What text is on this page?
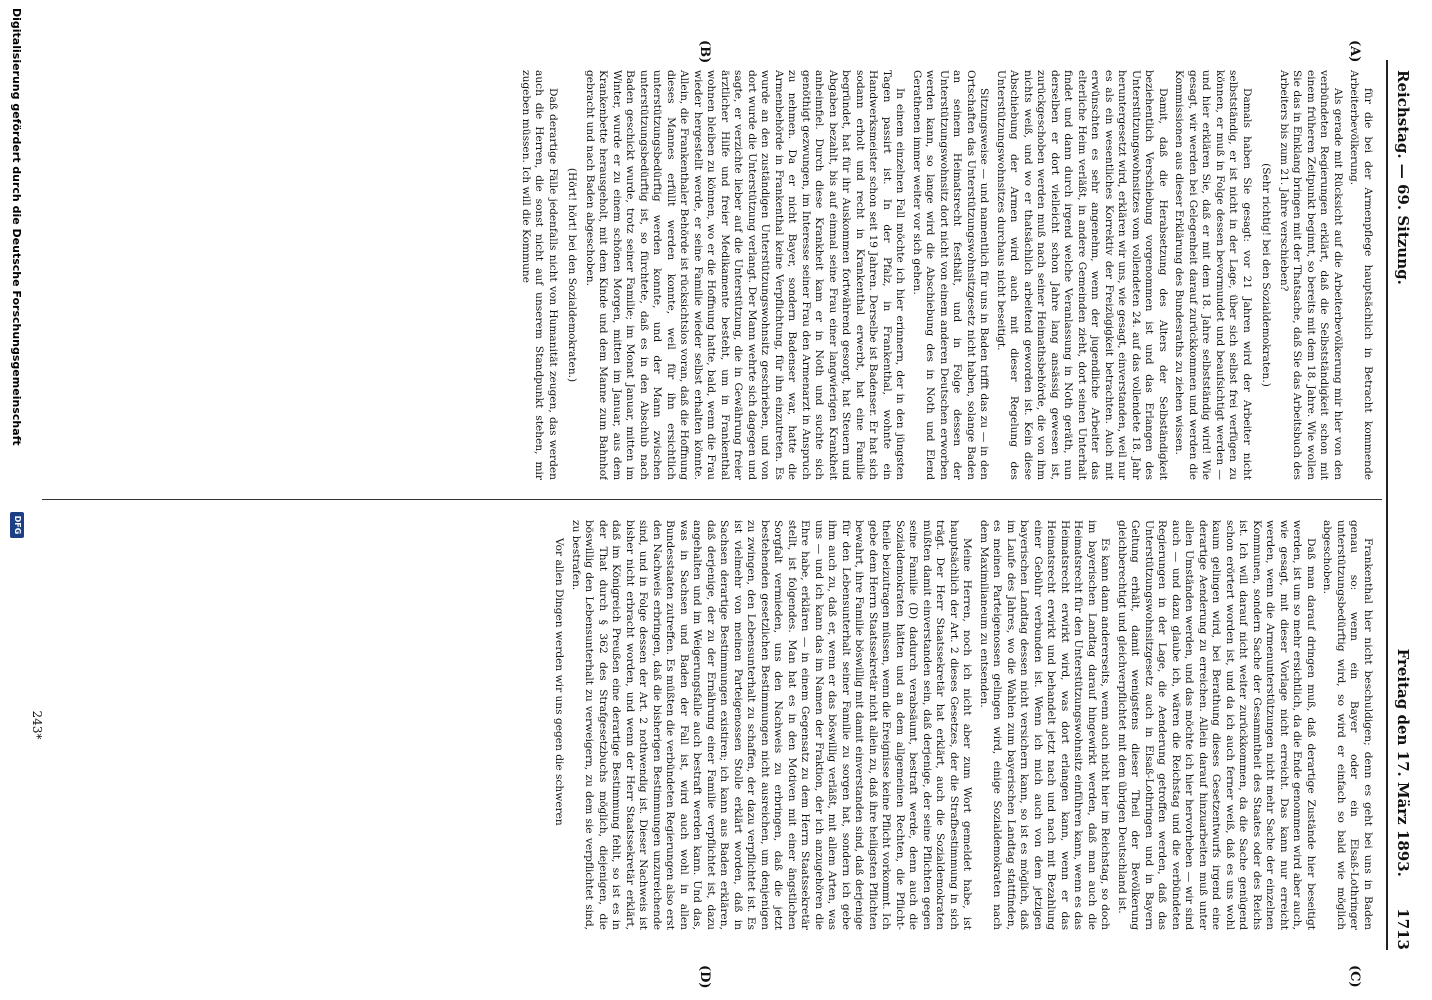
Reichstag. — 69. Sitzung.
Freitag den 17. März 1893.      1713
(A)
(B)
(C)
(D)

für die bei der Armenpflege hauptsächlich in Betracht kommende Arbeiterbevölkerung.

Als gerade mit Rücksicht auf die Arbeiterbevölkerung mir hier von den verbündeten Regierungen erklärt, daß die Selbstständigkeit schon mit einem früheren Zeitpunkt beginnt, so bereits mit dem 18. Jahre. Wie wollen Sie das in Einklang bringen mit der Thatsache, daß Sie das Arbeitsbuch des Arbeiters bis zum 21. Jahre verschieben?

(Sehr richtig! bei den Sozialdemokraten.)

Damals haben Sie gesagt: vor 21 Jahren wird der Arbeiter nicht selbstständig, er ist nicht in der Lage, über sich selbst frei verfügen zu können, er muß in Folge dessen bevormundet und beaufsichtigt werden — und hier erklären Sie, daß er mit dem 18. Jahre selbstständig wird! Wie gesagt, wir werden bei Gelegenheit darauf zurückkommen und werden die Kommissionen aus dieser Erklärung des Bundesraths zu ziehen wissen.

Damit, daß die Herabsetzung des Alters der Selbständigkeit beziehentlich Verschiebung vorgenommen ist und das Erlangen des Unterstützungswohnsitzes vom vollendeten 24. auf das vollendete 18. Jahr heruntergesetzt wird, erklären wir uns, wie gesagt, einverstanden, weil nur es als ein wesentliches Korrektiv der Freizügigkeit betrachten. Auch mit erwünschten es sehr angenehm, wenn der jugendliche Arbeiter das elterliche Heim verläßt, in andere Gemeinden zieht, dort seinen Unterhalt findet und dann durch irgend welche Veranlassung in Noth geräth, nun derselben er dort vielleicht schon Jahre lang ansässig gewesen ist, zurückgeschoben werden muß nach seiner Heimathsbehörde, die von ihm nichts weiß, und wo er thatsächlich arbeitend geworden ist. Kein diese Abschiebung der Armen wird auch mit dieser Regelung des Unterstützungswohnsitzes durchaus nicht beseitigt.

Sitzungsweise — und namentlich für uns in Baden trifft das zu — in den Ortschaften das Unterstützungswohnsitzgesetz nicht haben, solange Baden an seinem Heimatsrecht festhält, und in Folge dessen der Unterstützungswohnsitz dort nicht von einem anderen Deutschen erworben werden kann, so lange wird die Abschiebung des in Noth und Elend Gerathenen immer weiter vor sich gehen.

In einem einzelnen Fall möchte ich hier erinnern, der in den jüngsten Tagen passirt ist. In der Pfalz, in Frankenthal, wohnte ein Handwerksmeister schon seit 19 Jahren. Derselbe ist Badenser. Er hat sich sodann erholt und recht in Krankenthal erwerbt, hat eine Familie begründet, hat für ihr Auskommen fortwährend gesorgt, hat Steuern und Abgaben bezahlt, bis auf einmal seine Frau einer langwierigen Krankheit anheimfiel. Durch diese Krankheit kam er in Noth und suchte sich genöthigt gezwungen, im Interesse seiner Frau den Armenarzt in Anspruch zu nehmen. Da er nicht Bayer, sondern Badenser war, hatte die Armenbehörde in Frankenthal keine Verpflichtung, für ihn einzutreten. Es wurde an den zuständigen Unterstützungswohnsitz geschrieben, und von dort wurde die Unterstützung verlangt. Der Mann wehrte sich dagegen und sagte, er verzichte lieber auf die Unterstützung, die in Gewährung freier ärztlicher Hilfe und freier Medikamente besteht, um in Frankenthal wohnen bleiben zu können, wo er die Hoffnung hatte, bald, wenn die Frau wieder hergestellt werde, er seine Familie wieder selbst erhalten könnte. Allein, die Frankenthaler Behörde ist rücksichtslos voran, daß die Hoffnung dieses Mannes erfüllt werden konnte, weil für ihn ersichtlich unterstützungsbedürftig werden konnte, und der Mann zwischen unterstützungsbedürftig ist, so fürchtete, daß es in den Abschub nach Baden geschickt wurde, trotz seiner Familie; im Monat Januar, mitten im Winter, wurde er zu einem schönen Morgen, mitten im Januar, aus dem Krankenbette herausgeholt, mit dem Kinde und dem Manne zum Bahnhof gebracht und nach Baden abgeschoben.

(Hört! hört! bei den Sozialdemokraten.)

Daß derartige Fälle jedenfalls nicht von Humanität zeugen, das werden auch die Herren, die sonst nicht auf unserem Standpunkt stehen, mir zugeben müssen. Ich will die Kommune

Frankenthal hier nicht beschuldigen; denn es geht bei uns in Baden genau so: wenn ein Bayer oder ein Elsaß-Lothringer unterstützungsbedürftig wird, so wird er einfach so bald wie möglich abgeschoben.

Daß man darauf dringen muß, daß derartige Zustände hier beseitigt werden, ist um so mehr ersichtlich, da die Ende genommen wird aber auch, wie gesagt, mit dieser Vorlage nicht erreicht. Das kann nur erreicht werden, wenn die Armenunterstützungen nicht mehr Sache der einzelnen Kommunen, sondern Sache der Gesammtheit des Staates oder des Reichs ist. Ich will darauf nicht weiter zurückkommen, da die Sache genügend schon erörtert worden ist, und da ich auch ferner weiß, daß es uns wohl kaum gelingen wird, bei Berathung dieses Gesetzentwurfs irgend eine derartige Aenderung zu erreichen. Allein darauf hinzuarbeiten muß unter allen Umständen werden, und das möchte ich hier hervorheben — wir sind auch — und dazu glaube ich, wären die Reichstag und die verbündeten Regierungen in der Lage, die Aenderung getroffen werden, daß das Unterstützungswohnsitzgesetz auch in Elsaß-Lothringen und in Bayern Geltung erhält, damit wenigstens dieser Theil der Bevölkerung gleichberechtigt und gleichverpflichtet mit dem übrigen Deutschland ist.

Es kann dann andererseits, wenn auch nicht hier im Reichstag, so doch im bayerischen Landtag darauf hingewirkt werden, daß man auch die Heimatsrecht für den Unterstützungswohnsitz einführen kann, wenn es das Heimatsrecht erwirkt wird, was dort erlangen kann, wenn er das Heimatsrecht erwirkt und behandelt jetzt nach und nach mit Bezahlung einer Gebühr verbunden ist. Wenn ich mich auch von dem jetzigen bayerischen Landtag dessen nicht versichern kann, so ist es möglich, daß im Laufe des Jahres, wo die Wahlen zum bayerischen Landtag stattfinden, es meinen Parteigenossen gelingen wird, einige Sozialdemokraten nach dem Maximilianeum zu entsenden.

Meine Herren, noch ich nicht aber zum Wort gemeldet habe, ist hauptsächlich der Art. 2 dieses Gesetzes, der die Strafbestimmung in sich trägt. Der Herr Staatssekretär hat erklärt, auch die Sozialdemokraten müßten damit einverstanden sein, daß derjenige, der seine Pflichten gegen seine Familie (D) dadurch verabsäumt, bestraft werde, denn auch die Sozialdemokraten hätten und an dem allgemeinen Rechten, die Pflichttheile beizutragen müssen, wenn die Ereignisse keine Pflicht vorkommt. Ich gebe dem Herrn Staatssekretär nicht allein zu, daß ihre heiligsten Pflichten bewahrt, ihre Familie böswillig mit damit einverstanden sind, daß derjenige für den Lebensunterhalt seiner Familie zu sorgen hat, sondern ich gebe ihm auch zu, daß er, wenn er das böswillig verläßt, mit allem Arten, was uns — und ich kann das im Namen der Fraktion, der ich anzugehören die Ehre habe, erklären — in einem Gegensatz zu dem Herrn Staatssekretär stellt, ist folgendes. Man hat es in den Motiven mit einer ängstlichen Sorgfalt vermieden, uns den Nachweis zu erbringen, daß die jetzt bestehenden gesetzlichen Bestimmungen nicht ausreichen, um denjenigen zu zwingen, den Lebensunterhalt zu schaffen, der dazu verpflichtet ist. Es ist vielmehr von meinen Parteigenossen Stolle erklärt worden, daß in Sachsen derartige Bestimmungen existiren; ich kann aus Baden erklären, daß derjenige, der zu der Ernährung einer Familie verpflichtet ist, dazu angehalten und im Weigerungsfalle auch bestraft werden kann. Und das, was in Sachsen und Baden der Fall ist, wird auch wohl in allen Bundesstaaten zutreffen. Es müßten die verbündeten Regierungen also erst den Nachweis erbringen, daß die bisherigen Bestimmungen unzureichende sind, und in Folge dessen der Art. 2 nothwendig ist. Dieser Nachweis ist bisher nicht erbracht worden, und wenn der Herr Staatssekretär erklärt, daß im Königreich Preußen eine derartige Bestimmung fehlt, so ist es in der That durch § 362 des Strafgesetzbuchs möglich, diejenigen, die böswillig den Lebensunterhalt zu verweigern, zu dem sie verpflichtet sind, zu bestrafen.

Vor allen Dingen werden wir uns gegen die schweren

243*
Digitalisierung gefördert durch die Deutsche Forschungsgemeinschaft
DFG
